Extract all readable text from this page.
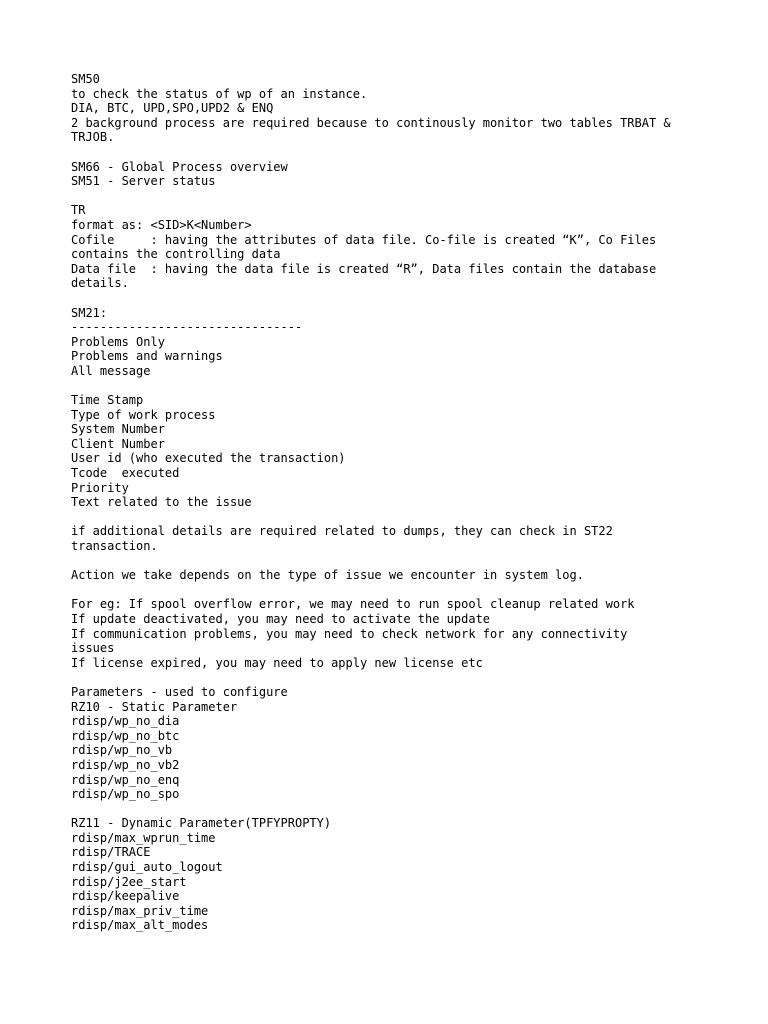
SM50
to check the status of wp of an instance.
DIA, BTC, UPD,SPO,UPD2 & ENQ
2 background process are required because to continously monitor two tables TRBAT &
TRJOB.
SM66 - Global Process overview
SM51 - Server status
TR
format as: <SID>K<Number>
Cofile     : having the attributes of data file. Co-file is created “K”, Co Files
contains the controlling data
Data file  : having the data file is created “R”, Data files contain the database
details.
SM21:
--------------------------------
Problems Only
Problems and warnings
All message
Time Stamp
Type of work process
System Number
Client Number
User id (who executed the transaction)
Tcode  executed
Priority
Text related to the issue
if additional details are required related to dumps, they can check in ST22
transaction.
Action we take depends on the type of issue we encounter in system log.
For eg: If spool overflow error, we may need to run spool cleanup related work
If update deactivated, you may need to activate the update
If communication problems, you may need to check network for any connectivity
issues
If license expired, you may need to apply new license etc
Parameters - used to configure
RZ10 - Static Parameter
rdisp/wp_no_dia
rdisp/wp_no_btc
rdisp/wp_no_vb
rdisp/wp_no_vb2
rdisp/wp_no_enq
rdisp/wp_no_spo
RZ11 - Dynamic Parameter(TPFYPROPTY)
rdisp/max_wprun_time
rdisp/TRACE
rdisp/gui_auto_logout
rdisp/j2ee_start
rdisp/keepalive
rdisp/max_priv_time
rdisp/max_alt_modes
